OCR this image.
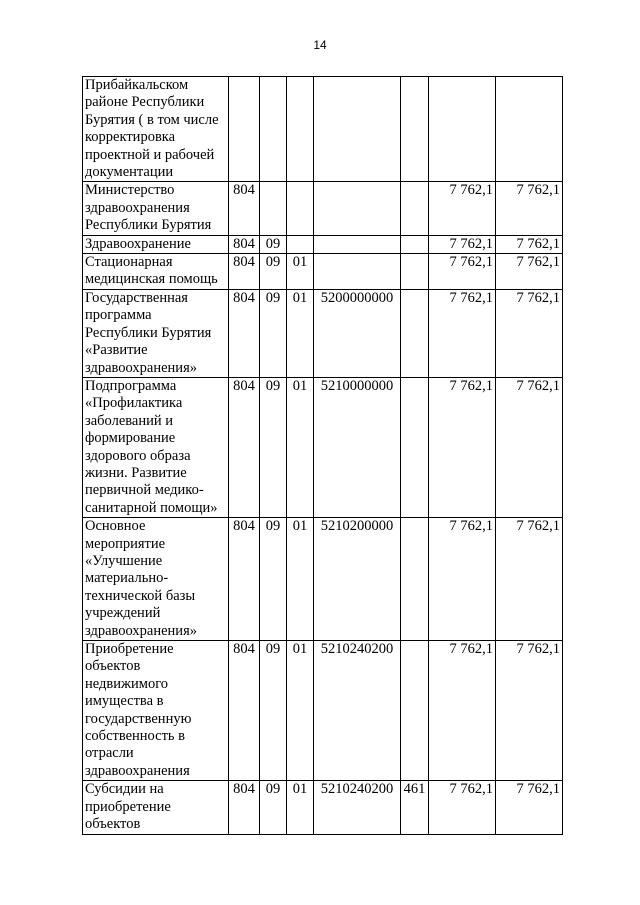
14
Прибайкальском районе Республики Бурятия ( в том числе корректировка проектной и рабочей документации							
Министерство здравоохранения Республики Бурятия	804					7 762,1	7 762,1
Здравоохранение	804	09				7 762,1	7 762,1
Стационарная медицинская помощь	804	09	01			7 762,1	7 762,1
Государственная программа Республики Бурятия «Развитие здравоохранения»	804	09	01	5200000000		7 762,1	7 762,1
Подпрограмма «Профилактика заболеваний и формирование здорового образа жизни. Развитие первичной медико-санитарной помощи»	804	09	01	5210000000		7 762,1	7 762,1
Основное мероприятие «Улучшение материально-технической базы учреждений здравоохранения»	804	09	01	5210200000		7 762,1	7 762,1
Приобретение объектов недвижимого имущества в государственную собственность в отрасли здравоохранения	804	09	01	5210240200		7 762,1	7 762,1
Субсидии на приобретение объектов	804	09	01	5210240200	461	7 762,1	7 762,1
